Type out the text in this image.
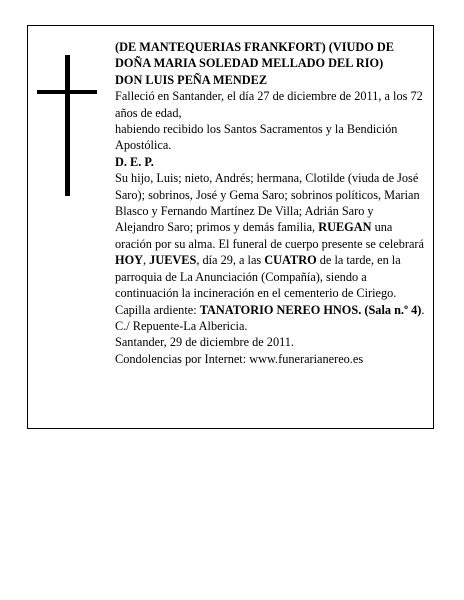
(DE MANTEQUERIAS FRANKFORT) (VIUDO DE DOÑA MARIA SOLEDAD MELLADO DEL RIO)

DON LUIS PEÑA MENDEZ

Falleció en Santander, el día 27 de diciembre de 2011, a los 72 años de edad,

habiendo recibido los Santos Sacramentos y la Bendición Apostólica.

D. E. P.

Su hijo, Luis; nieto, Andrés; hermana, Clotilde (viuda de José Saro); sobrinos, José y Gema Saro; sobrinos políticos, Marian Blasco y Fernando Martínez De Villa; Adrián Saro y Alejandro Saro; primos y demás familia, RUEGAN una oración por su alma. El funeral de cuerpo presente se celebrará HOY, JUEVES, día 29, a las CUATRO de la tarde, en la parroquia de La Anunciación (Compañía), siendo a continuación la incineración en el cementerio de Ciriego.

Capilla ardiente: TANATORIO NEREO HNOS. (Sala n.º 4). C./ Repuente-La Albericia.

Santander, 29 de diciembre de 2011.

Condolencias por Internet: www.funerarianereo.es
